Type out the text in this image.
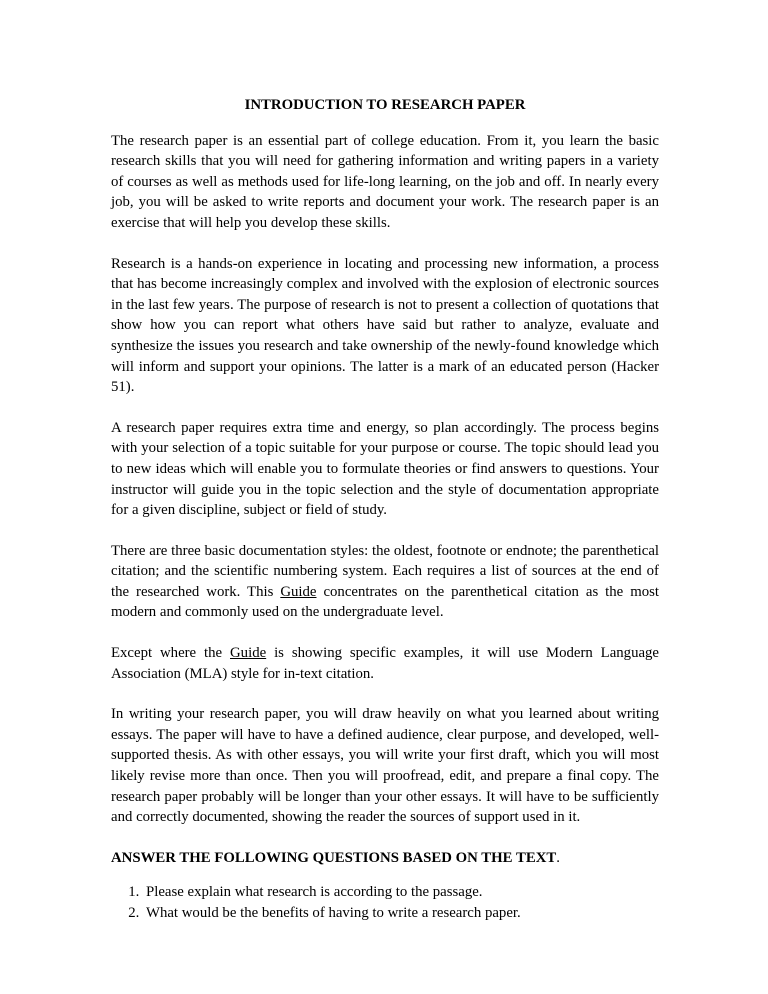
INTRODUCTION TO RESEARCH PAPER

The research paper is an essential part of college education. From it, you learn the basic research skills that you will need for gathering information and writing papers in a variety of courses as well as methods used for life-long learning, on the job and off. In nearly every job, you will be asked to write reports and document your work. The research paper is an exercise that will help you develop these skills.

Research is a hands-on experience in locating and processing new information, a process that has become increasingly complex and involved with the explosion of electronic sources in the last few years. The purpose of research is not to present a collection of quotations that show how you can report what others have said but rather to analyze, evaluate and synthesize the issues you research and take ownership of the newly-found knowledge which will inform and support your opinions. The latter is a mark of an educated person (Hacker 51).

A research paper requires extra time and energy, so plan accordingly. The process begins with your selection of a topic suitable for your purpose or course. The topic should lead you to new ideas which will enable you to formulate theories or find answers to questions. Your instructor will guide you in the topic selection and the style of documentation appropriate for a given discipline, subject or field of study.

There are three basic documentation styles: the oldest, footnote or endnote; the parenthetical citation; and the scientific numbering system. Each requires a list of sources at the end of the researched work. This Guide concentrates on the parenthetical citation as the most modern and commonly used on the undergraduate level.

Except where the Guide is showing specific examples, it will use Modern Language Association (MLA) style for in-text citation.

In writing your research paper, you will draw heavily on what you learned about writing essays. The paper will have to have a defined audience, clear purpose, and developed, well-supported thesis. As with other essays, you will write your first draft, which you will most likely revise more than once. Then you will proofread, edit, and prepare a final copy. The research paper probably will be longer than your other essays. It will have to be sufficiently and correctly documented, showing the reader the sources of support used in it.

ANSWER THE FOLLOWING QUESTIONS BASED ON THE TEXT.

1. Please explain what research is according to the passage.
2. What would be the benefits of having to write a research paper.
